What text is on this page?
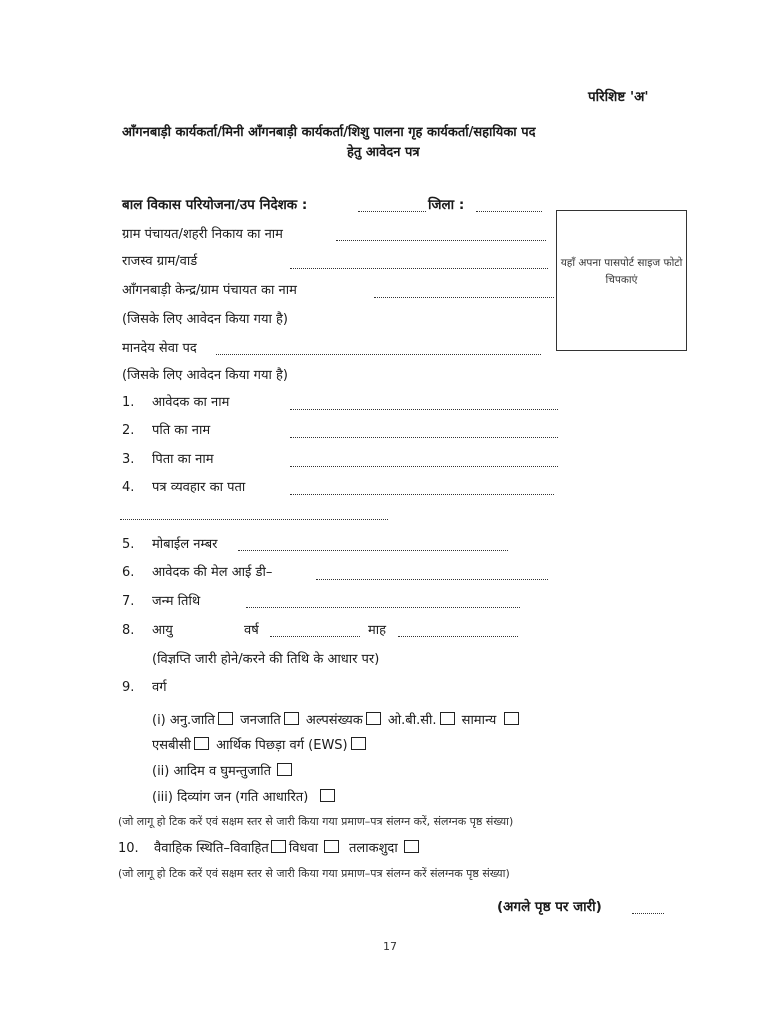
परिशिष्ट 'अ'
आँगनबाड़ी कार्यकर्ता/मिनी आँगनबाड़ी कार्यकर्ता/शिशु पालना गृह कार्यकर्ता/सहायिका पद
हेतु आवेदन पत्र
बाल विकास परियोजना/उप निदेशक :	जिला :
ग्राम पंचायत/शहरी निकाय का नाम
राजस्व ग्राम/वार्ड
आँगनबाड़ी केन्द्र/ग्राम पंचायत का नाम
(जिसके लिए आवेदन किया गया है)
मानदेय सेवा पद
(जिसके लिए आवेदन किया गया है)
यहाँ अपना पासपोर्ट साइज फोटो चिपकाएं
1. आवेदक का नाम
2. पति का नाम
3. पिता का नाम
4. पत्र व्यवहार का पता
5. मोबाईल नम्बर
6. आवेदक की मेल आई डी–
7. जन्म तिथि
8. आयु	वर्ष	माह
(विज्ञप्ति जारी होने/करने की तिथि के आधार पर)
9. वर्ग
(i) अनु.जाति जनजाति अल्पसंख्यक ओ.बी.सी. सामान्य
एसबीसी आर्थिक पिछड़ा वर्ग (EWS)
(ii) आदिम व घुमन्तुजाति
(iii) दिव्यांग जन (गति आधारित)
(जो लागू हो टिक करें एवं सक्षम स्तर से जारी किया गया प्रमाण–पत्र संलग्न करें, संलग्नक पृष्ठ संख्या)
10. वैवाहिक स्थिति–विवाहित विधवा तलाकशुदा
(जो लागू हो टिक करें एवं सक्षम स्तर से जारी किया गया प्रमाण–पत्र संलग्न करें संलग्नक पृष्ठ संख्या)
(अगले पृष्ठ पर जारी)
17
